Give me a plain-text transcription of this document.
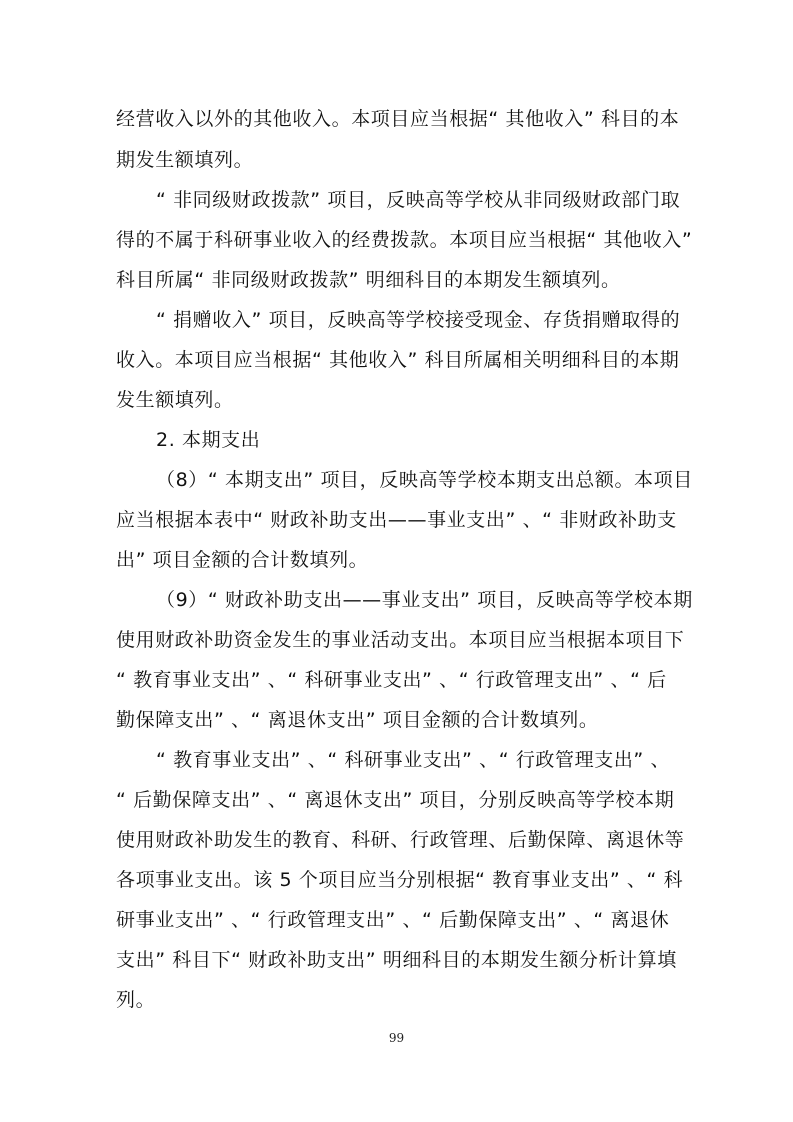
经营收入以外的其他收入。本项目应当根据“ 其他收入” 科目的本
期发生额填列。
“ 非同级财政拨款” 项目，反映高等学校从非同级财政部门取
得的不属于科研事业收入的经费拨款。本项目应当根据“ 其他收入”
科目所属“ 非同级财政拨款” 明细科目的本期发生额填列。
“ 捐赠收入” 项目，反映高等学校接受现金、存货捐赠取得的
收入。本项目应当根据“ 其他收入” 科目所属相关明细科目的本期
发生额填列。
2. 本期支出
（8）“ 本期支出” 项目，反映高等学校本期支出总额。本项目
应当根据本表中“ 财政补助支出——事业支出” 、“ 非财政补助支
出” 项目金额的合计数填列。
（9）“ 财政补助支出——事业支出” 项目，反映高等学校本期
使用财政补助资金发生的事业活动支出。本项目应当根据本项目下
“ 教育事业支出” 、“ 科研事业支出” 、“ 行政管理支出” 、“ 后
勤保障支出” 、“ 离退休支出” 项目金额的合计数填列。
“ 教育事业支出” 、“ 科研事业支出” 、“ 行政管理支出” 、
“ 后勤保障支出” 、“ 离退休支出” 项目，分别反映高等学校本期
使用财政补助发生的教育、科研、行政管理、后勤保障、离退休等
各项事业支出。该 5 个项目应当分别根据“ 教育事业支出” 、“ 科
研事业支出” 、“ 行政管理支出” 、“ 后勤保障支出” 、“ 离退休
支出” 科目下“ 财政补助支出” 明细科目的本期发生额分析计算填
列。
99
